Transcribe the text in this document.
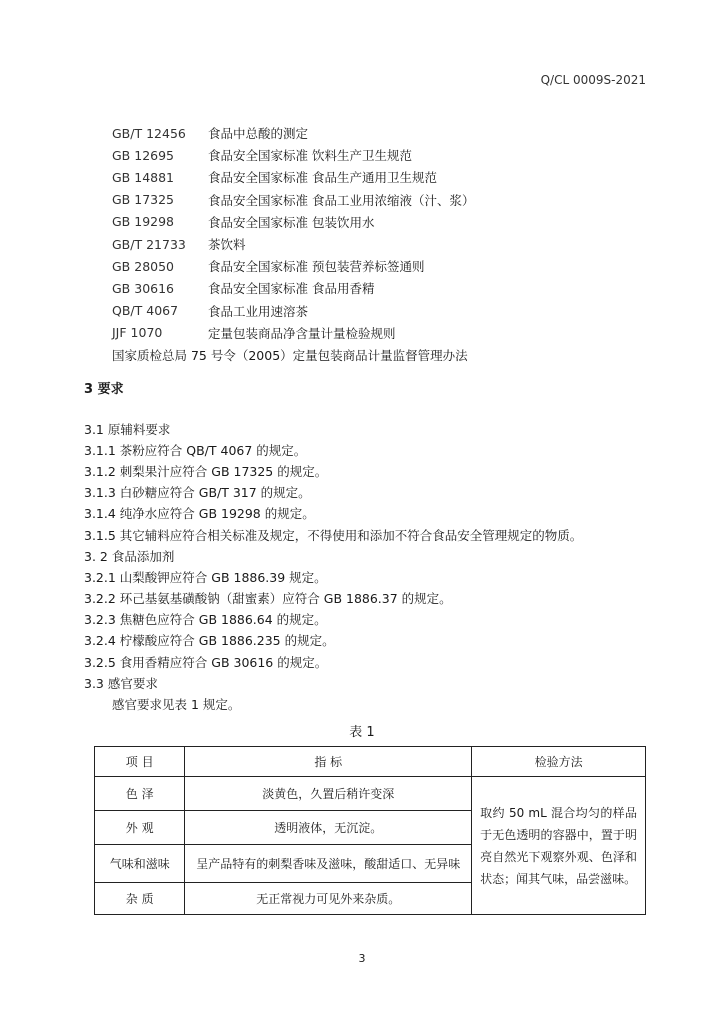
Q/CL 0009S-2021
GB/T 12456	食品中总酸的测定
GB 12695	食品安全国家标准 饮料生产卫生规范
GB 14881	食品安全国家标准 食品生产通用卫生规范
GB 17325	食品安全国家标准 食品工业用浓缩液（汁、浆）
GB 19298	食品安全国家标准 包装饮用水
GB/T 21733	茶饮料
GB 28050	食品安全国家标准 预包装营养标签通则
GB 30616	食品安全国家标准 食品用香精
QB/T 4067	食品工业用速溶茶
JJF 1070	定量包装商品净含量计量检验规则
国家质检总局 75 号令（2005）定量包装商品计量监督管理办法
3 要求
3.1 原辅料要求
3.1.1 茶粉应符合 QB/T 4067 的规定。
3.1.2 刺梨果汁应符合 GB 17325 的规定。
3.1.3 白砂糖应符合 GB/T 317 的规定。
3.1.4 纯净水应符合 GB 19298 的规定。
3.1.5 其它辅料应符合相关标准及规定，不得使用和添加不符合食品安全管理规定的物质。
3. 2 食品添加剂
3.2.1 山梨酸钾应符合 GB 1886.39 规定。
3.2.2 环己基氨基磺酸钠（甜蜜素）应符合 GB 1886.37 的规定。
3.2.3 焦糖色应符合 GB 1886.64 的规定。
3.2.4 柠檬酸应符合 GB 1886.235 的规定。
3.2.5 食用香精应符合 GB 30616 的规定。
3.3 感官要求
感官要求见表 1 规定。
表 1
项 目	指 标	检验方法
色 泽	淡黄色，久置后稍许变深	取约 50 mL 混合均匀的样品于无色透明的容器中，置于明亮自然光下观察外观、色泽和状态；闻其气味，品尝滋味。
外 观	透明液体，无沉淀。	
气味和滋味	呈产品特有的刺梨香味及滋味，酸甜适口、无异味	
杂 质	无正常视力可见外来杂质。	
3
